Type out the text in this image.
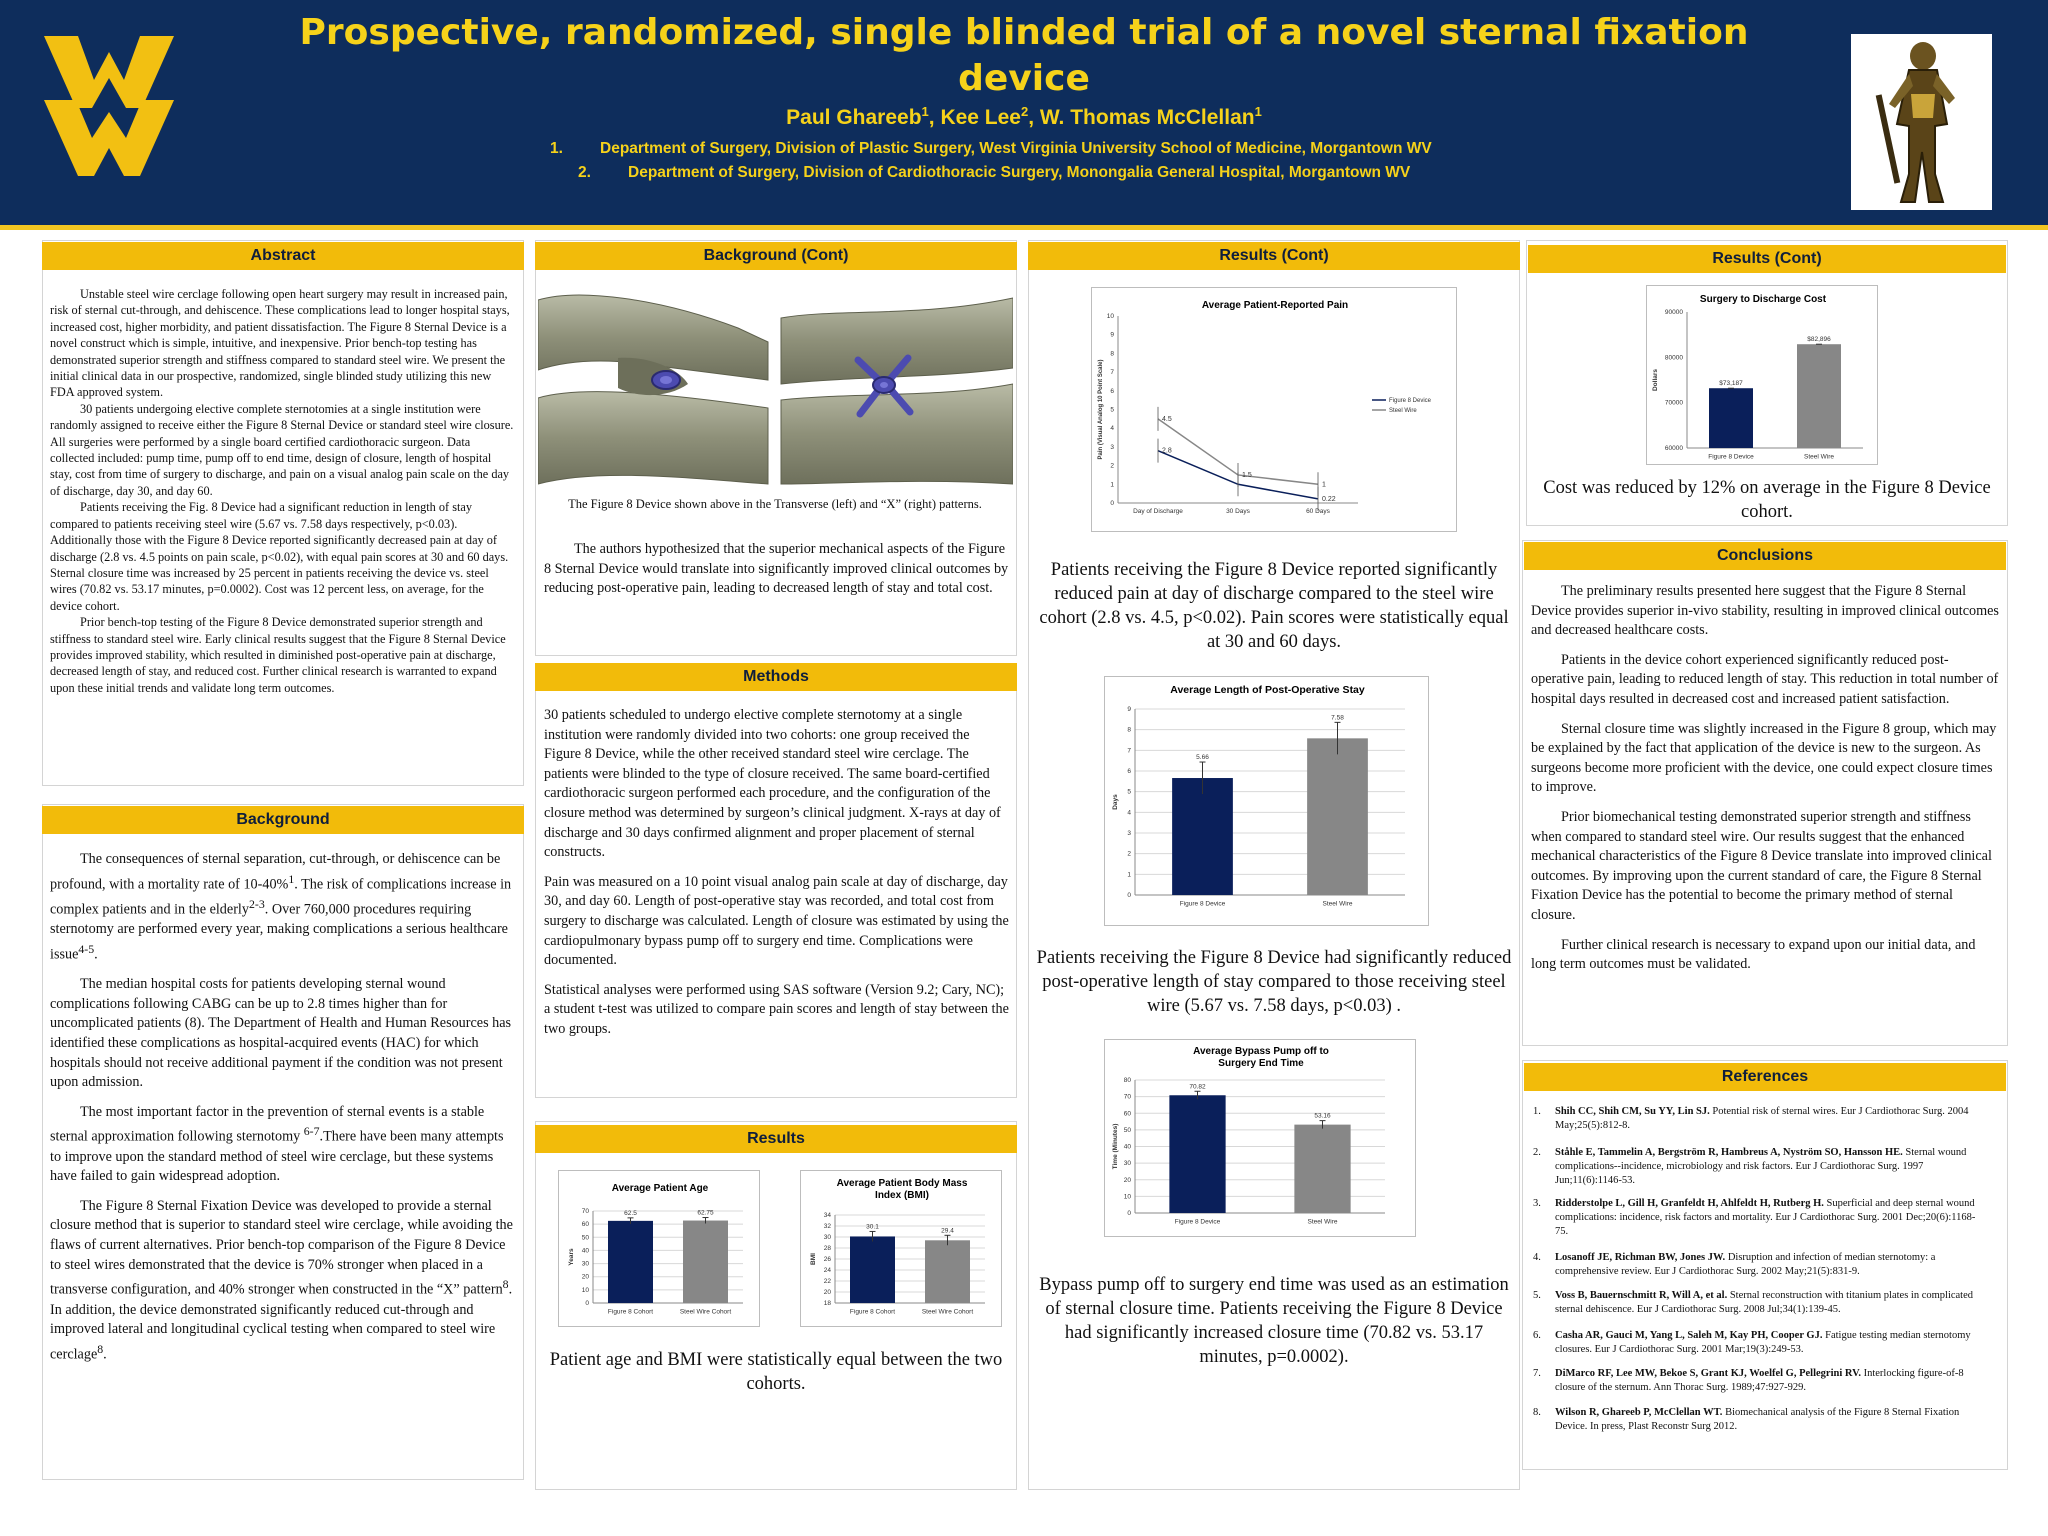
Prospective, randomized, single blinded trial of a novel sternal fixation device
Paul Ghareeb$^1$, Kee Lee$^2$, W. Thomas McClellan$^1$
1. Department of Surgery, Division of Plastic Surgery, West Virginia University School of Medicine, Morgantown WV
2. Department of Surgery, Division of Cardiothoracic Surgery, Monongalia General Hospital, Morgantown WV
Abstract

Unstable steel wire cerclage following open heart surgery may result in increased pain, risk of sternal cut-through, and dehiscence. These complications lead to longer hospital stays, increased cost, higher morbidity, and patient dissatisfaction. The Figure 8 Sternal Device is a novel construct which is simple, intuitive, and inexpensive. Prior bench-top testing has demonstrated superior strength and stiffness compared to standard steel wire. We present the initial clinical data in our prospective, randomized, single blinded study utilizing this new FDA approved system.

30 patients undergoing elective complete sternotomies at a single institution were randomly assigned to receive either the Figure 8 Sternal Device or standard steel wire closure. All surgeries were performed by a single board certified cardiothoracic surgeon. Data collected included: pump time, pump off to end time, design of closure, length of hospital stay, cost from time of surgery to discharge, and pain on a visual analog pain scale on the day of discharge, day 30, and day 60.

Patients receiving the Fig. 8 Device had a significant reduction in length of stay compared to patients receiving steel wire (5.67 vs. 7.58 days respectively, p<0.03). Additionally those with the Figure 8 Device reported significantly decreased pain at day of discharge (2.8 vs. 4.5 points on pain scale, p<0.02), with equal pain scores at 30 and 60 days. Sternal closure time was increased by 25 percent in patients receiving the device vs. steel wires (70.82 vs. 53.17 minutes, p=0.0002). Cost was 12 percent less, on average, for the device cohort.

Prior bench-top testing of the Figure 8 Device demonstrated superior strength and stiffness to standard steel wire. Early clinical results suggest that the Figure 8 Sternal Device provides improved stability, which resulted in diminished post-operative pain at discharge, decreased length of stay, and reduced cost. Further clinical research is warranted to expand upon these initial trends and validate long term outcomes.

Background

The consequences of sternal separation, cut-through, or dehiscence can be profound, with a mortality rate of 10-40%$^1$. The risk of complications increase in complex patients and in the elderly$^{2-3}$. Over 760,000 procedures requiring sternotomy are performed every year, making complications a serious healthcare issue$^{4-5}$.

The median hospital costs for patients developing sternal wound complications following CABG can be up to 2.8 times higher than for uncomplicated patients (8). The Department of Health and Human Resources has identified these complications as hospital-acquired events (HAC) for which hospitals should not receive additional payment if the condition was not present upon admission.

The most important factor in the prevention of sternal events is a stable sternal approximation following sternotomy $^{6-7}$.There have been many attempts to improve upon the standard method of steel wire cerclage, but these systems have failed to gain widespread adoption.

The Figure 8 Sternal Fixation Device was developed to provide a sternal closure method that is superior to standard steel wire cerclage, while avoiding the flaws of current alternatives. Prior bench-top comparison of the Figure 8 Device to steel wires demonstrated that the device is 70% stronger when placed in a transverse configuration, and 40% stronger when constructed in the “X” pattern$^8$. In addition, the device demonstrated significantly reduced cut-through and improved lateral and longitudinal cyclical testing when compared to steel wire cerclage$^8$.

Background (Cont)
The Figure 8 Device shown above in the Transverse (left) and “X” (right) patterns.

The authors hypothesized that the superior mechanical aspects of the Figure 8 Sternal Device would translate into significantly improved clinical outcomes by reducing post-operative pain, leading to decreased length of stay and total cost.

Methods

30 patients scheduled to undergo elective complete sternotomy at a single institution were randomly divided into two cohorts: one group received the Figure 8 Device, while the other received standard steel wire cerclage. The patients were blinded to the type of closure received. The same board-certified cardiothoracic surgeon performed each procedure, and the configuration of the closure method was determined by surgeon’s clinical judgment. X-rays at day of discharge and 30 days confirmed alignment and proper placement of sternal constructs.

Pain was measured on a 10 point visual analog pain scale at day of discharge, day 30, and day 60. Length of post-operative stay was recorded, and total cost from surgery to discharge was calculated. Length of closure was estimated by using the cardiopulmonary bypass pump off to surgery end time. Complications were documented.

Statistical analyses were performed using SAS software (Version 9.2; Cary, NC); a student t-test was utilized to compare pain scores and length of stay between the two groups.

Results
Average Patient Age
0
10
20
30
40
50
60
70
Years
62.5
Figure 8 Cohort
62.75
Steel Wire Cohort
Average Patient Body Mass
Index (BMI)
18
20
22
24
26
28
30
32
34
BMI
30.1
Figure 8 Cohort
29.4
Steel Wire Cohort
Patient age and BMI were statistically equal between the two cohorts.
Results (Cont)
Average Patient-Reported Pain
0
1
2
3
4
5
6
7
8
9
10
Pain (Visual Analog 10 Point Scale)
Day of Discharge	30 Days	60 Days
2.8
0.22
4.5
1.5
1
Figure 8 Device
Steel Wire
Patients receiving the Figure 8 Device reported significantly reduced pain at day of discharge compared to the steel wire cohort (2.8 vs. 4.5, p<0.02). Pain scores were statistically equal at 30 and 60 days.
Average Length of Post-Operative Stay
0
1
2
3
4
5
6
7
8
9
Days
5.66
Figure 8 Device
7.58
Steel Wire
Patients receiving the Figure 8 Device had significantly reduced post-operative length of stay compared to those receiving steel wire (5.67 vs. 7.58 days, p<0.03) .
Average Bypass Pump off to
Surgery End Time
0
10
20
30
40
50
60
70
80
Time (Minutes)
70.82
Figure 8 Device
53.16
Steel Wire
Bypass pump off to surgery end time was used as an estimation of sternal closure time. Patients receiving the Figure 8 Device had significantly increased closure time (70.82 vs. 53.17 minutes, p=0.0002).
Results (Cont)
Surgery to Discharge Cost
60000
70000
80000
90000
Dollars	$73,187
Figure 8 Device
$82,896
Steel Wire
Cost was reduced by 12% on average in the Figure 8 Device cohort.
Conclusions

The preliminary results presented here suggest that the Figure 8 Sternal Device provides superior in-vivo stability, resulting in improved clinical outcomes and decreased healthcare costs.

Patients in the device cohort experienced significantly reduced post-operative pain, leading to reduced length of stay. This reduction in total number of hospital days resulted in decreased cost and increased patient satisfaction.

Sternal closure time was slightly increased in the Figure 8 group, which may be explained by the fact that application of the device is new to the surgeon. As surgeons become more proficient with the device, one could expect closure times to improve.

Prior biomechanical testing demonstrated superior strength and stiffness when compared to standard steel wire. Our results suggest that the enhanced mechanical characteristics of the Figure 8 Device translate into improved clinical outcomes. By improving upon the current standard of care, the Figure 8 Sternal Fixation Device has the potential to become the primary method of sternal closure.

Further clinical research is necessary to expand upon our initial data, and long term outcomes must be validated.

References
1. Shih CC, Shih CM, Su YY, Lin SJ. Potential risk of sternal wires. Eur J Cardiothorac Surg. 2004 May;25(5):812-8.
2. Ståhle E, Tammelin A, Bergström R, Hambreus A, Nyström SO, Hansson HE. Sternal wound complications--incidence, microbiology and risk factors. Eur J Cardiothorac Surg. 1997 Jun;11(6):1146-53.
3. Ridderstolpe L, Gill H, Granfeldt H, Ahlfeldt H, Rutberg H. Superficial and deep sternal wound complications: incidence, risk factors and mortality. Eur J Cardiothorac Surg. 2001 Dec;20(6):1168-75.
4. Losanoff JE, Richman BW, Jones JW. Disruption and infection of median sternotomy: a comprehensive review. Eur J Cardiothorac Surg. 2002 May;21(5):831-9.
5. Voss B, Bauernschmitt R, Will A, et al. Sternal reconstruction with titanium plates in complicated sternal dehiscence. Eur J Cardiothorac Surg. 2008 Jul;34(1):139-45.
6. Casha AR, Gauci M, Yang L, Saleh M, Kay PH, Cooper GJ. Fatigue testing median sternotomy closures. Eur J Cardiothorac Surg. 2001 Mar;19(3):249-53.
7. DiMarco RF, Lee MW, Bekoe S, Grant KJ, Woelfel G, Pellegrini RV. Interlocking figure-of-8 closure of the sternum. Ann Thorac Surg. 1989;47:927-929.
8. Wilson R, Ghareeb P, McClellan WT. Biomechanical analysis of the Figure 8 Sternal Fixation Device. In press, Plast Reconstr Surg 2012.
